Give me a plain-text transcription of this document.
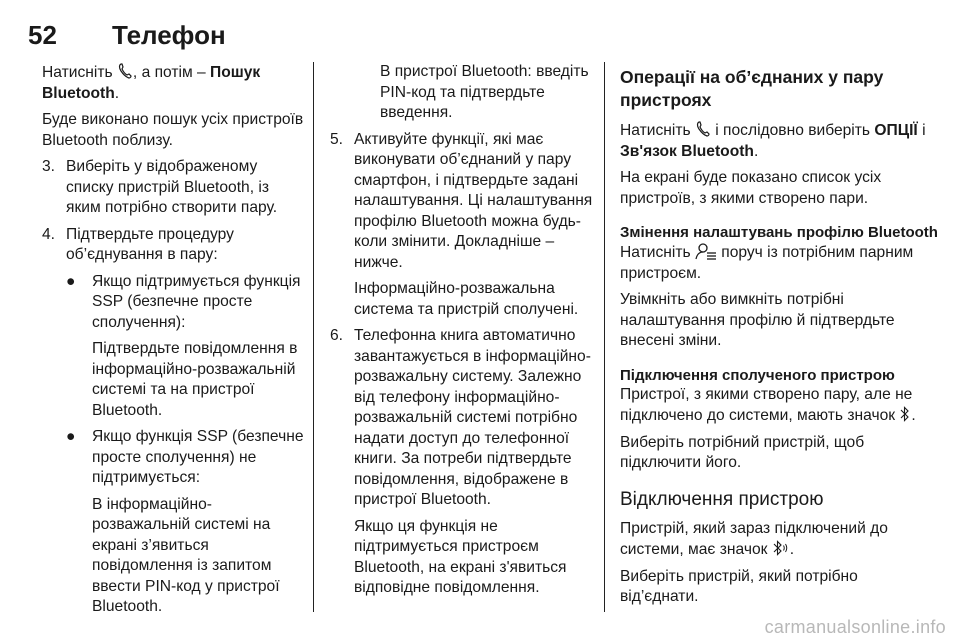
52 Телефон

Натисніть
, а потім – Пошук Bluetooth.

Буде виконано пошук усіх пристроїв Bluetooth поблизу.

3. Виберіть у відображеному списку пристрій Bluetooth, із яким потрібно створити пару.
4. Підтвердьте процедуру об’єднування в пару:
● Якщо підтримується функція SSP (безпечне просте сполучення):

Підтвердьте повідомлення в інформаційно-розважальній системі та на пристрої Bluetooth.

● Якщо функція SSP (безпечне просте сполучення) не підтримується:

В інформаційно-розважальній системі на екрані з’явиться повідомлення із запитом ввести PIN-код у пристрої Bluetooth.

В пристрої Bluetooth: введіть PIN-код та підтвердьте введення.

5. Активуйте функції, які має виконувати об’єднаний у пару смартфон, і підтвердьте задані налаштування. Ці налаштування профілю Bluetooth можна будь-коли змінити. Докладніше – нижче.

Інформаційно-розважальна система та пристрій сполучені.

6. Телефонна книга автоматично завантажується в інформаційно-розважальну систему. Залежно від телефону інформаційно-розважальній системі потрібно надати доступ до телефонної книги. За потреби підтвердьте повідомлення, відображене в пристрої Bluetooth.

Якщо ця функція не підтримується пристроєм Bluetooth, на екрані з'явиться відповідне повідомлення.

Операції на об’єднаних у пару пристроях

Натисніть
і послідовно виберіть ОПЦІЇ і Зв'язок Bluetooth.

На екрані буде показано список усіх пристроїв, з якими створено пари.

Змінення налаштувань профілю Bluetooth

Натисніть
поруч із потрібним парним пристроєм.

Увімкніть або вимкніть потрібні налаштування профілю й підтвердьте внесені зміни.

Підключення сполученого пристрою

Пристрої, з якими створено пару, але не підключено до системи, мають значок
.

Виберіть потрібний пристрій, щоб підключити його.

Відключення пристрою

Пристрій, який зараз підключений до системи, має значок
.

Виберіть пристрій, який потрібно від’єднати.

carmanualsonline.info
